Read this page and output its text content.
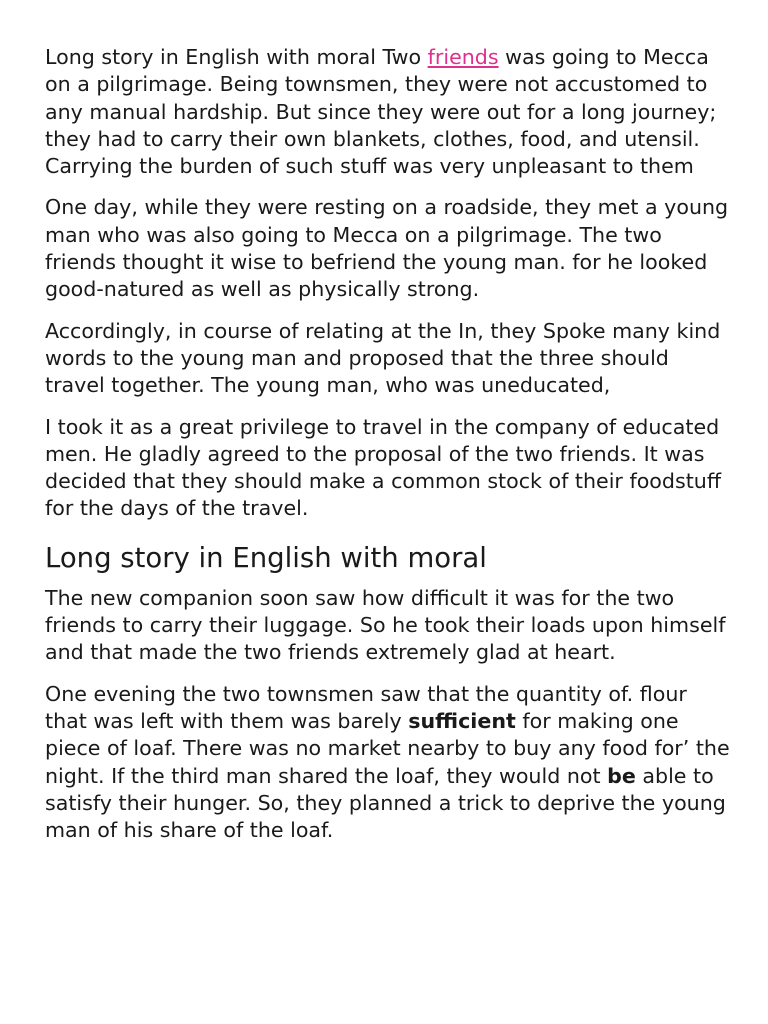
Long story in English with moral Two friends was going to Mecca on a pilgrimage. Being townsmen, they were not accustomed to any manual hardship. But since they were out for a long journey; they had to carry their own blankets, clothes, food, and utensil. Carrying the burden of such stuff was very unpleasant to them

One day, while they were resting on a roadside, they met a young man who was also going to Mecca on a pilgrimage. The two friends thought it wise to befriend the young man. for he looked good-natured as well as physically strong.

Accordingly, in course of relating at the In, they Spoke many kind words to the young man and proposed that the three should travel together. The young man, who was uneducated,

I took it as a great privilege to travel in the company of educated men. He gladly agreed to the proposal of the two friends. It was decided that they should make a common stock of their foodstuff for the days of the travel.

Long story in English with moral

The new companion soon saw how difficult it was for the two friends to carry their luggage. So he took their loads upon himself and that made the two friends extremely glad at heart.

One evening the two townsmen saw that the quantity of. flour that was left with them was barely sufficient for making one piece of loaf. There was no market nearby to buy any food for’ the night. If the third man shared the loaf, they would not be able to satisfy their hunger. So, they planned a trick to deprive the young man of his share of the loaf.
